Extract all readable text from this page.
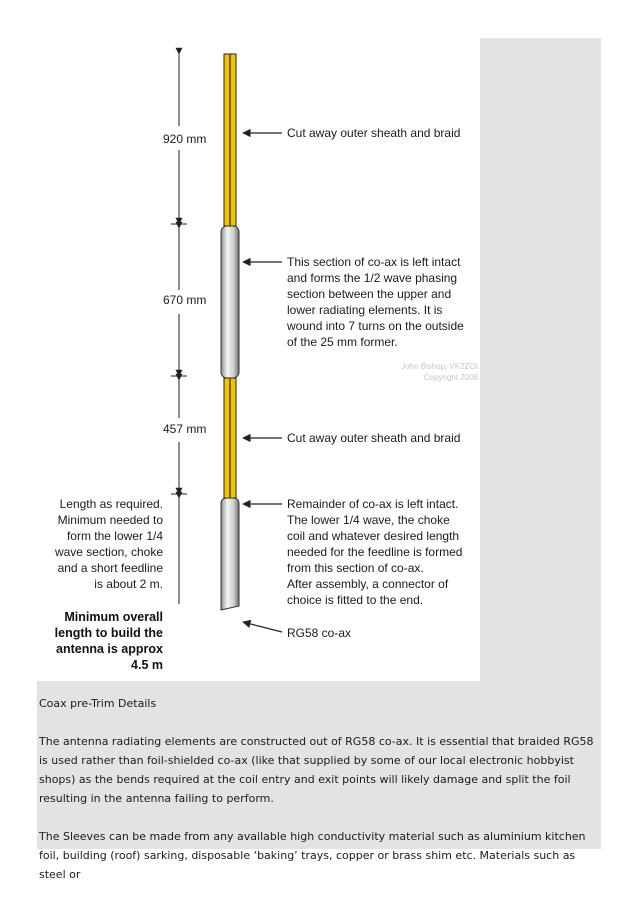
920 mm
670 mm
457 mm
Cut away outer sheath and braid
This section of co-ax is left intact
and forms the 1/2 wave phasing
section between the upper and
lower radiating elements. It is
wound into 7 turns on the outside
of the 25 mm former.
John Bishop, VK2ZOI
Copyright 2006
Cut away outer sheath and braid
Remainder of co-ax is left intact.
The lower 1/4 wave, the choke
coil and whatever desired length
needed for the feedline is formed
from this section of co-ax.
After assembly, a connector of
choice is fitted to the end.
RG58 co-ax
Length as required.
Minimum needed to
form the lower 1/4
wave section, choke
and a short feedline
is about 2 m.
Minimum overall
length to build the
antenna is approx
4.5 m

Coax pre-Trim Details

The antenna radiating elements are constructed out of RG58 co-ax. It is essential that braided RG58 is used rather than foil-shielded co-ax (like that supplied by some of our local electronic hobbyist shops) as the bends required at the coil entry and exit points will likely damage and split the foil resulting in the antenna failing to perform.

The Sleeves can be made from any available high conductivity material such as aluminium kitchen foil, building (roof) sarking, disposable ‘baking’ trays, copper or brass shim etc. Materials such as steel or
